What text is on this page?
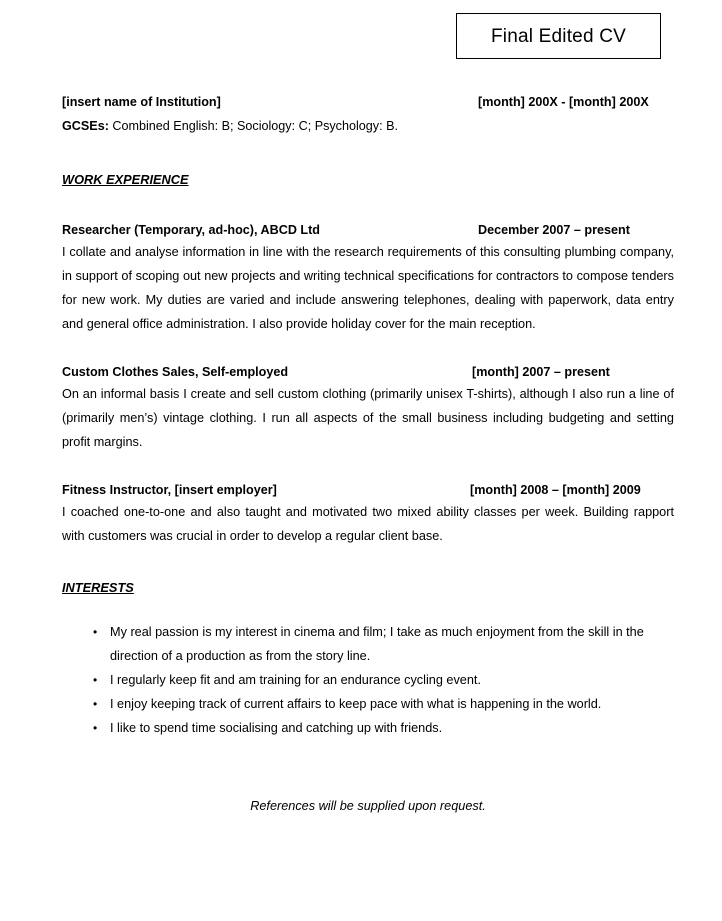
Final Edited CV
[insert name of Institution]	[month] 200X - [month] 200X
GCSEs: Combined English: B; Sociology: C; Psychology: B.
WORK EXPERIENCE
Researcher (Temporary, ad-hoc), ABCD Ltd	December 2007 – present

I collate and analyse information in line with the research requirements of this consulting plumbing company, in support of scoping out new projects and writing technical specifications for contractors to compose tenders for new work. My duties are varied and include answering telephones, dealing with paperwork, data entry and general office administration. I also provide holiday cover for the main reception.

Custom Clothes Sales, Self-employed	[month] 2007 – present

On an informal basis I create and sell custom clothing (primarily unisex T-shirts), although I also run a line of (primarily men’s) vintage clothing. I run all aspects of the small business including budgeting and setting profit margins.

Fitness Instructor, [insert employer]	[month] 2008 – [month] 2009

I coached one-to-one and also taught and motivated two mixed ability classes per week. Building rapport with customers was crucial in order to develop a regular client base.

INTERESTS
• My real passion is my interest in cinema and film; I take as much enjoyment from the skill in the direction of a production as from the story line.
• I regularly keep fit and am training for an endurance cycling event.
• I enjoy keeping track of current affairs to keep pace with what is happening in the world.
• I like to spend time socialising and catching up with friends.
References will be supplied upon request.
